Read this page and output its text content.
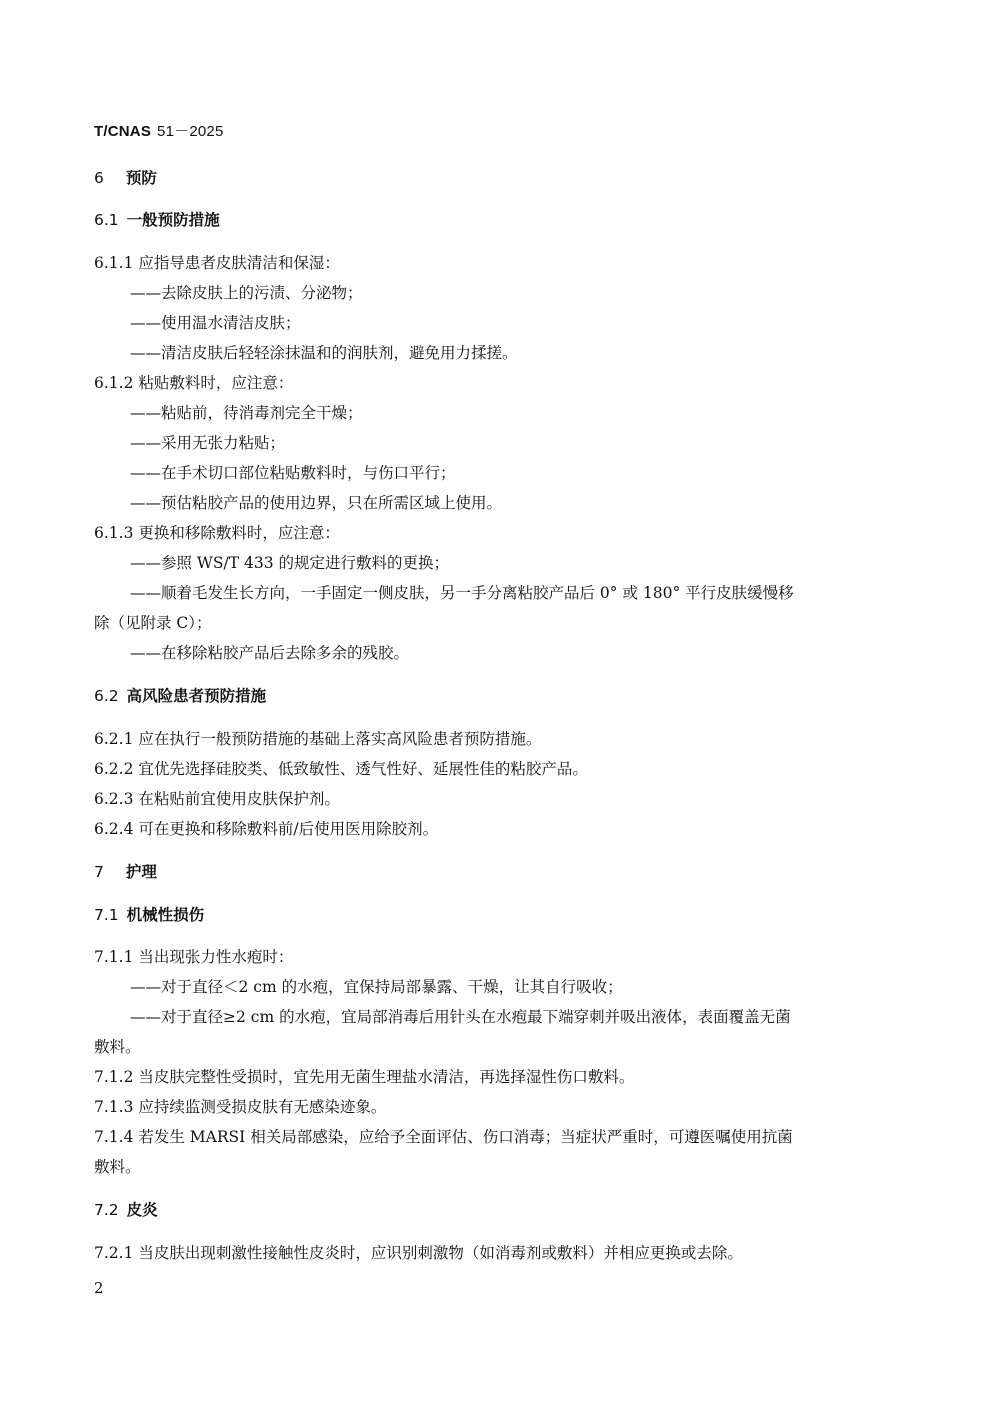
T/CNAS 51－2025
6 预防
6.1 一般预防措施
6.1.1 应指导患者皮肤清洁和保湿：
——去除皮肤上的污渍、分泌物；
——使用温水清洁皮肤；
——清洁皮肤后轻轻涂抹温和的润肤剂，避免用力揉搓。
6.1.2 粘贴敷料时，应注意：
——粘贴前，待消毒剂完全干燥；
——采用无张力粘贴；
——在手术切口部位粘贴敷料时，与伤口平行；
——预估粘胶产品的使用边界，只在所需区域上使用。
6.1.3 更换和移除敷料时，应注意：
——参照 WS/T 433 的规定进行敷料的更换；
——顺着毛发生长方向，一手固定一侧皮肤，另一手分离粘胶产品后 0° 或 180° 平行皮肤缓慢移
除（见附录 C）；
——在移除粘胶产品后去除多余的残胶。
6.2 高风险患者预防措施
6.2.1 应在执行一般预防措施的基础上落实高风险患者预防措施。
6.2.2 宜优先选择硅胶类、低致敏性、透气性好、延展性佳的粘胶产品。
6.2.3 在粘贴前宜使用皮肤保护剂。
6.2.4 可在更换和移除敷料前/后使用医用除胶剂。
7 护理
7.1 机械性损伤
7.1.1 当出现张力性水疱时：
——对于直径＜2 cm 的水疱，宜保持局部暴露、干燥，让其自行吸收；
——对于直径≥2 cm 的水疱，宜局部消毒后用针头在水疱最下端穿刺并吸出液体，表面覆盖无菌
敷料。
7.1.2 当皮肤完整性受损时，宜先用无菌生理盐水清洁，再选择湿性伤口敷料。
7.1.3 应持续监测受损皮肤有无感染迹象。
7.1.4 若发生 MARSI 相关局部感染，应给予全面评估、伤口消毒；当症状严重时，可遵医嘱使用抗菌
敷料。
7.2 皮炎
7.2.1 当皮肤出现刺激性接触性皮炎时，应识别刺激物（如消毒剂或敷料）并相应更换或去除。
2
